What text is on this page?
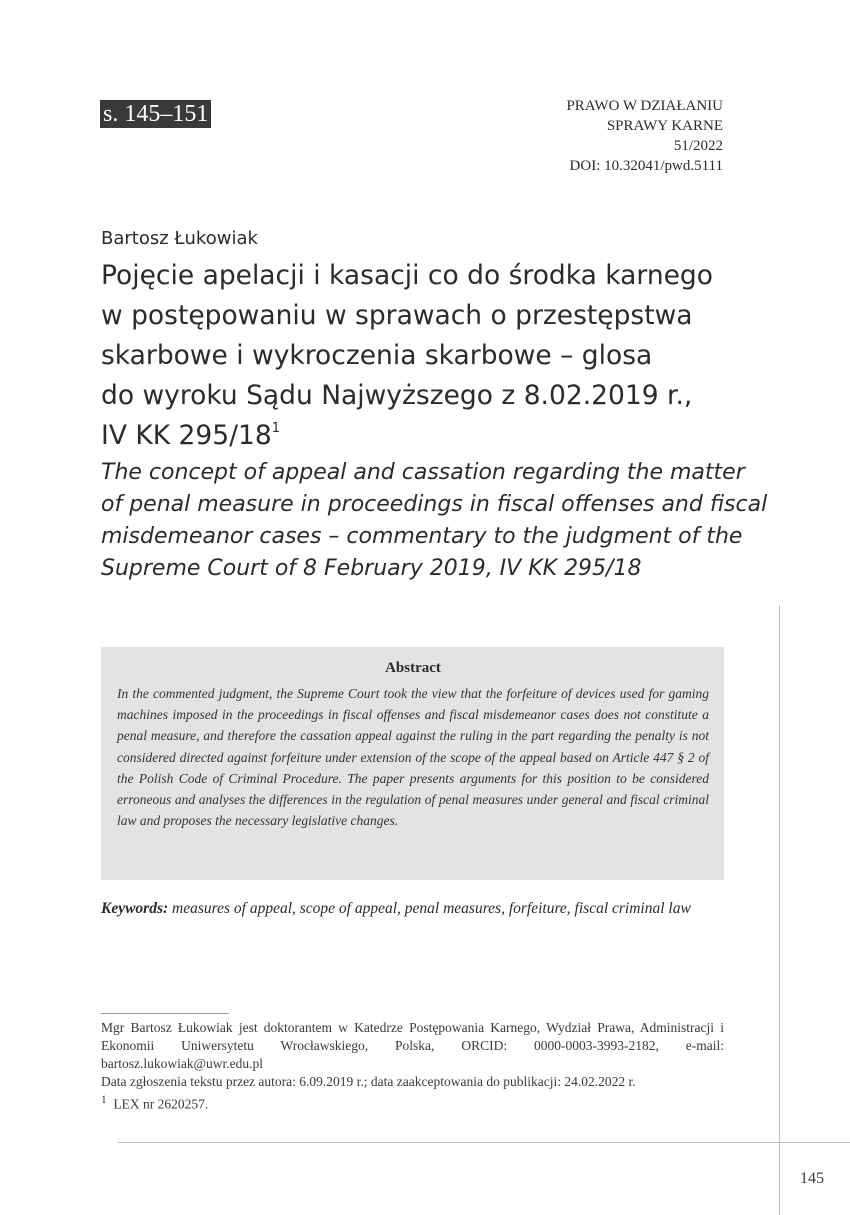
s. 145–151	PRAWO W DZIAŁANIU
SPRAWY KARNE
51/2022
DOI: 10.32041/pwd.5111
Bartosz Łukowiak
Pojęcie apelacji i kasacji co do środka karnego
w postępowaniu w sprawach o przestępstwa
skarbowe i wykroczenia skarbowe – glosa
do wyroku Sądu Najwyższego z 8.02.2019 r.,
IV KK $295/18^1$
The concept of appeal and cassation regarding the matter
of penal measure in proceedings in fiscal offenses and fiscal
misdemeanor cases – commentary to the judgment of the
Supreme Court of 8 February 2019, IV KK 295/18
Abstract
In the commented judgment, the Supreme Court took the view that the forfeiture of devices used for gaming machines imposed in the proceedings in fiscal offenses and fiscal misdemeanor cases does not constitute a penal measure, and therefore the cassation appeal against the ruling in the part regarding the penalty is not considered directed against forfeiture under extension of the scope of the appeal based on Article 447 § 2 of the Polish Code of Criminal Procedure. The paper presents arguments for this position to be considered erroneous and analyses the differences in the regulation of penal measures under general and fiscal criminal law and proposes the necessary legislative changes.
Keywords: measures of appeal, scope of appeal, penal measures, forfeiture, fiscal criminal law

Mgr Bartosz Łukowiak jest doktorantem w Katedrze Postępowania Karnego, Wydział Prawa, Administracji i Ekonomii Uniwersytetu Wrocławskiego, Polska, ORCID: 0000-0003-3993-2182, e-mail: bartosz.lukowiak@uwr.edu.pl

Data zgłoszenia tekstu przez autora: 6.09.2019 r.; data zaakceptowania do publikacji: 24.02.2022 r.

$^1$ LEX nr 2620257.

145
